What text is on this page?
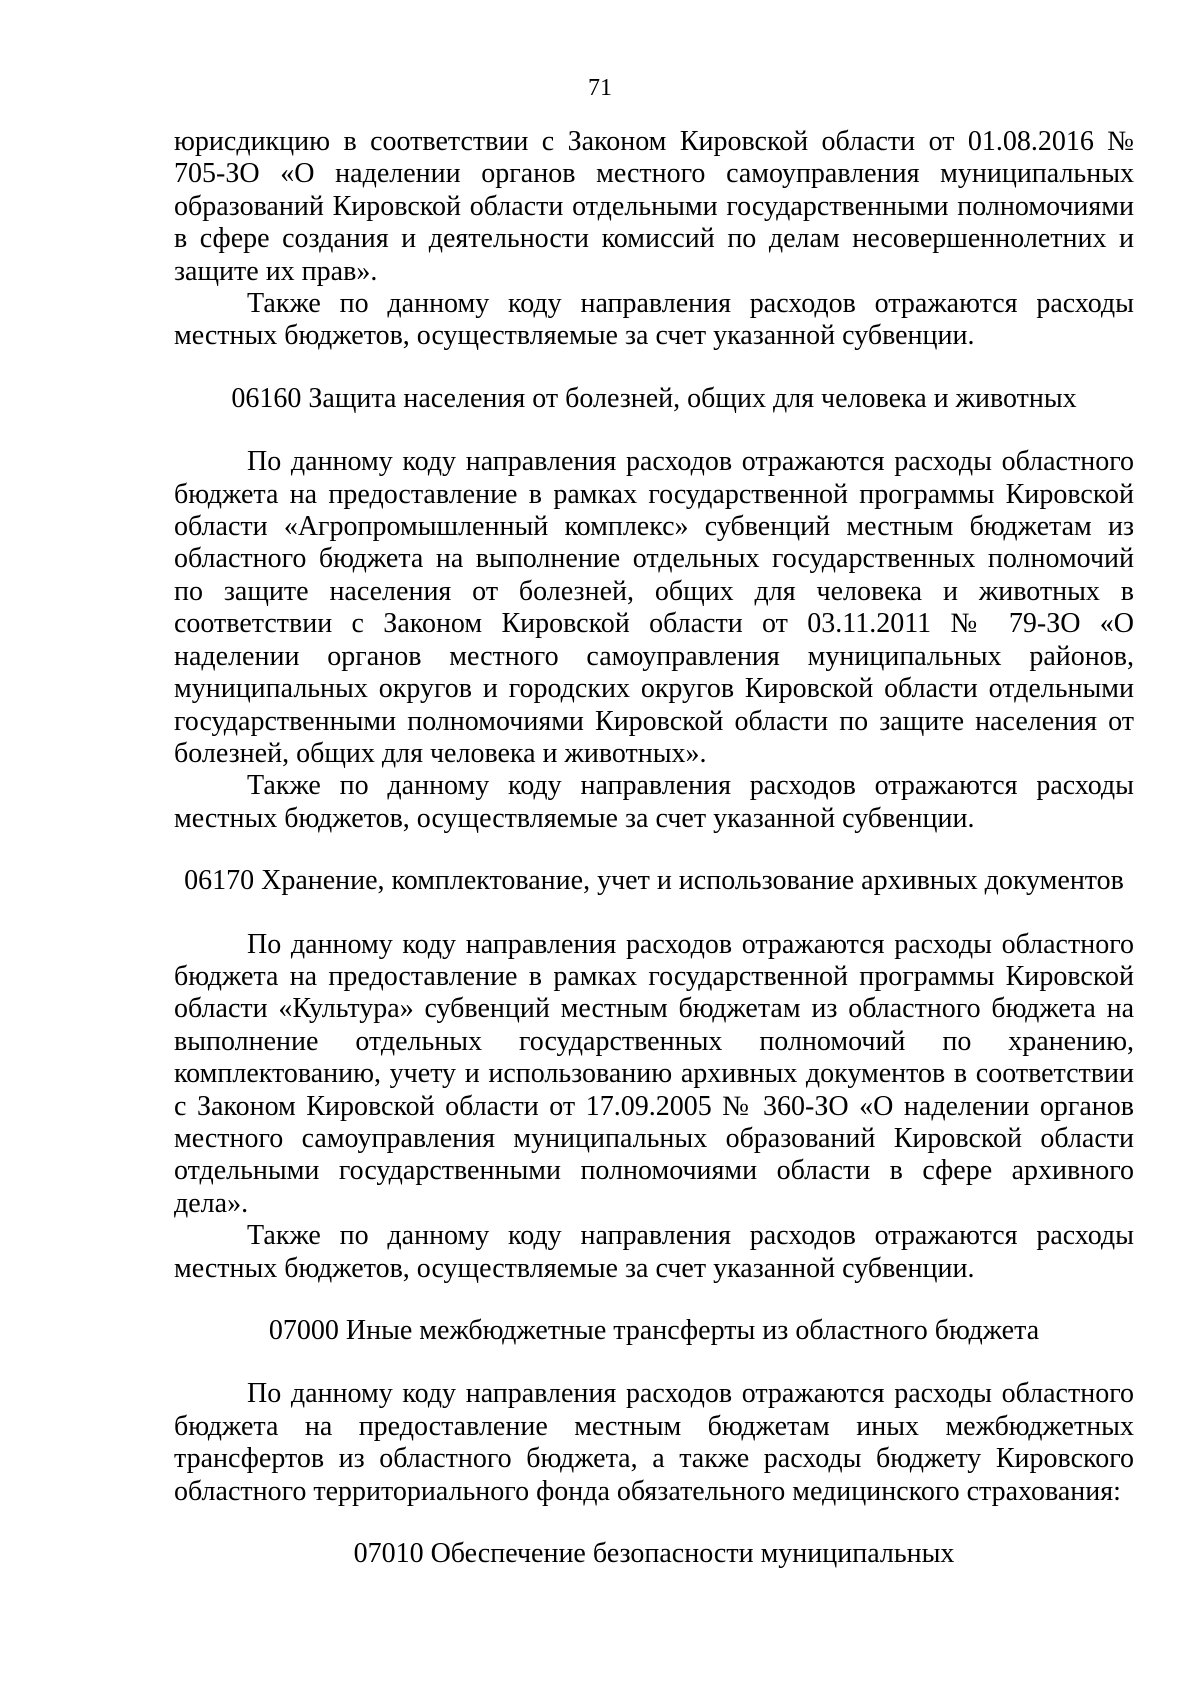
71

юрисдикцию в соответствии с Законом Кировской области от 01.08.2016 № 705-ЗО «О наделении органов местного самоуправления муниципальных образований Кировской области отдельными государственными полномочиями в сфере создания и деятельности комиссий по делам несовершеннолетних и защите их прав».

Также по данному коду направления расходов отражаются расходы местных бюджетов, осуществляемые за счет указанной субвенции.

06160 Защита населения от болезней, общих для человека и животных

По данному коду направления расходов отражаются расходы областного бюджета на предоставление в рамках государственной программы Кировской области «Агропромышленный комплекс» субвенций местным бюджетам из областного бюджета на выполнение отдельных государственных полномочий по защите населения от болезней, общих для человека и животных в соответствии с Законом Кировской области от 03.11.2011 № 79-ЗО «О наделении органов местного самоуправления муниципальных районов, муниципальных округов и городских округов Кировской области отдельными государственными полномочиями Кировской области по защите населения от болезней, общих для человека и животных».

Также по данному коду направления расходов отражаются расходы местных бюджетов, осуществляемые за счет указанной субвенции.

06170 Хранение, комплектование, учет и использование архивных документов

По данному коду направления расходов отражаются расходы областного бюджета на предоставление в рамках государственной программы Кировской области «Культура» субвенций местным бюджетам из областного бюджета на выполнение отдельных государственных полномочий по хранению, комплектованию, учету и использованию архивных документов в соответствии с Законом Кировской области от 17.09.2005 № 360-ЗО «О наделении органов местного самоуправления муниципальных образований Кировской области отдельными государственными полномочиями области в сфере архивного дела».

Также по данному коду направления расходов отражаются расходы местных бюджетов, осуществляемые за счет указанной субвенции.

07000 Иные межбюджетные трансферты из областного бюджета

По данному коду направления расходов отражаются расходы областного бюджета на предоставление местным бюджетам иных межбюджетных трансфертов из областного бюджета, а также расходы бюджету Кировского областного территориального фонда обязательного медицинского страхования:

07010 Обеспечение безопасности муниципальных
